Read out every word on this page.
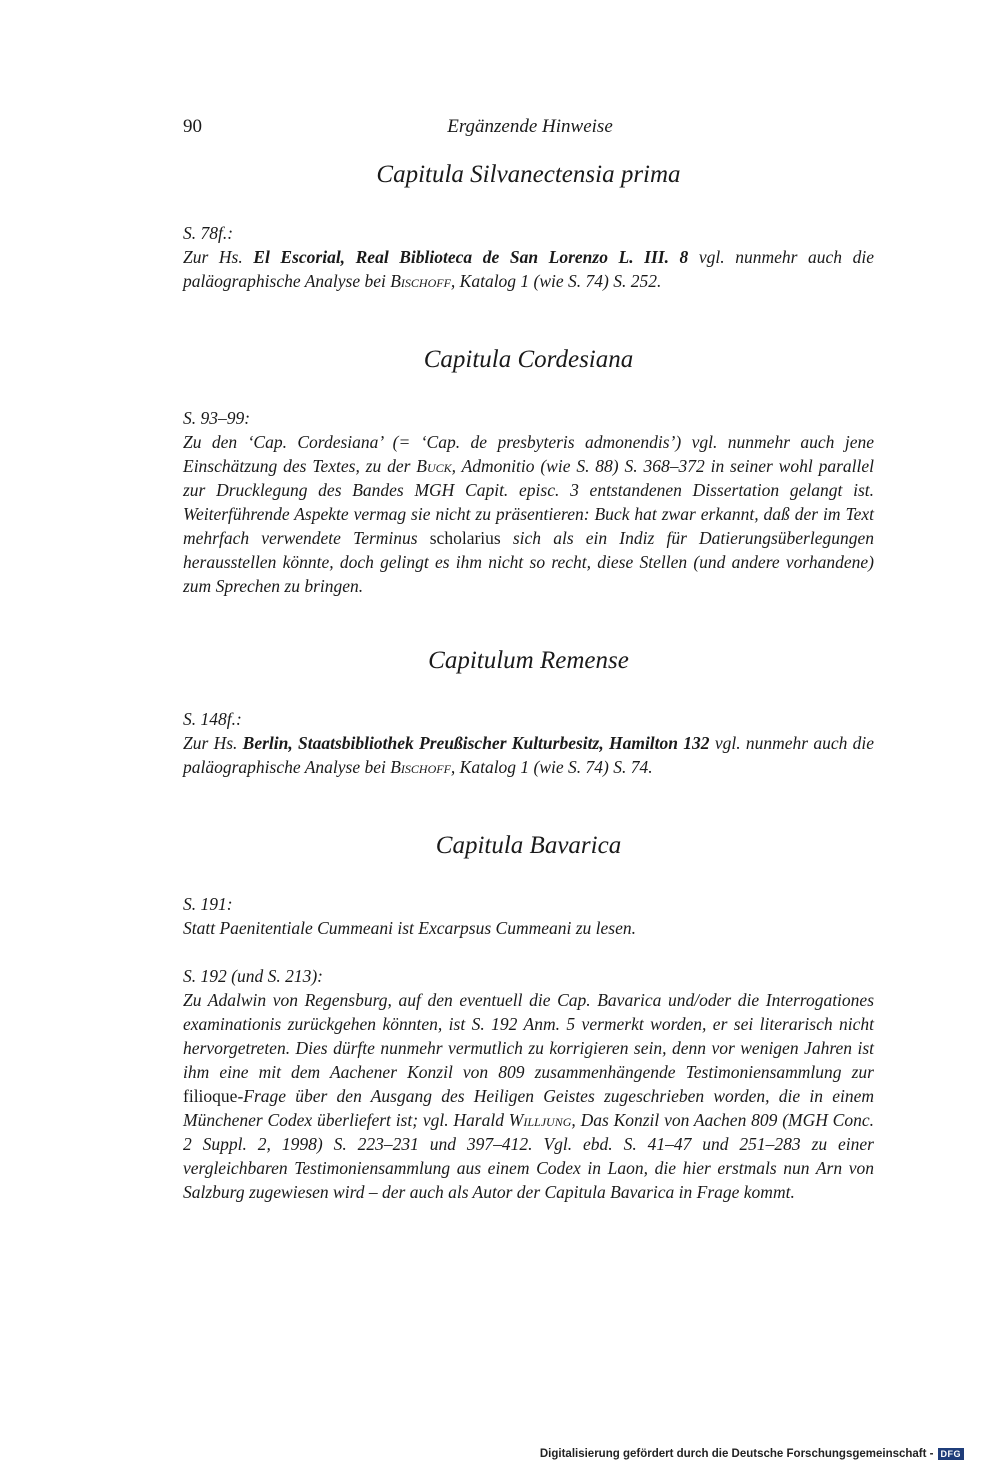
90	Ergänzende Hinweise
Capitula Silvanectensia prima

S. 78f.:

Zur Hs. El Escorial, Real Biblioteca de San Lorenzo L. III. 8 vgl. nunmehr auch die paläographische Analyse bei Bischoff, Katalog 1 (wie S. 74) S. 252.

Capitula Cordesiana

S. 93–99:

Zu den ‘Cap. Cordesiana’ (= ‘Cap. de presbyteris admonendis’) vgl. nunmehr auch jene Einschätzung des Textes, zu der Buck, Admonitio (wie S. 88) S. 368–372 in seiner wohl parallel zur Drucklegung des Bandes MGH Capit. episc. 3 entstandenen Dissertation gelangt ist. Weiterführende Aspekte vermag sie nicht zu präsentieren: Buck hat zwar erkannt, daß der im Text mehrfach verwendete Terminus scholarius sich als ein Indiz für Datierungsüberlegungen herausstellen könnte, doch gelingt es ihm nicht so recht, diese Stellen (und andere vorhandene) zum Sprechen zu bringen.

Capitulum Remense

S. 148f.:

Zur Hs. Berlin, Staatsbibliothek Preußischer Kulturbesitz, Hamilton 132 vgl. nunmehr auch die paläographische Analyse bei Bischoff, Katalog 1 (wie S. 74) S. 74.

Capitula Bavarica

S. 191:

Statt Paenitentiale Cummeani ist Excarpsus Cummeani zu lesen.

S. 192 (und S. 213):

Zu Adalwin von Regensburg, auf den eventuell die Cap. Bavarica und/oder die Interrogationes examinationis zurückgehen könnten, ist S. 192 Anm. 5 vermerkt worden, er sei literarisch nicht hervorgetreten. Dies dürfte nunmehr vermutlich zu korrigieren sein, denn vor wenigen Jahren ist ihm eine mit dem Aachener Konzil von 809 zusammenhängende Testimoniensammlung zur filioque-Frage über den Ausgang des Heiligen Geistes zugeschrieben worden, die in einem Münchener Codex überliefert ist; vgl. Harald Willjung, Das Konzil von Aachen 809 (MGH Conc. 2 Suppl. 2, 1998) S. 223–231 und 397–412. Vgl. ebd. S. 41–47 und 251–283 zu einer vergleichbaren Testimoniensammlung aus einem Codex in Laon, die hier erstmals nun Arn von Salzburg zugewiesen wird – der auch als Autor der Capitula Bavarica in Frage kommt.

Digitalisierung gefördert durch die Deutsche Forschungsgemeinschaft - DFG
